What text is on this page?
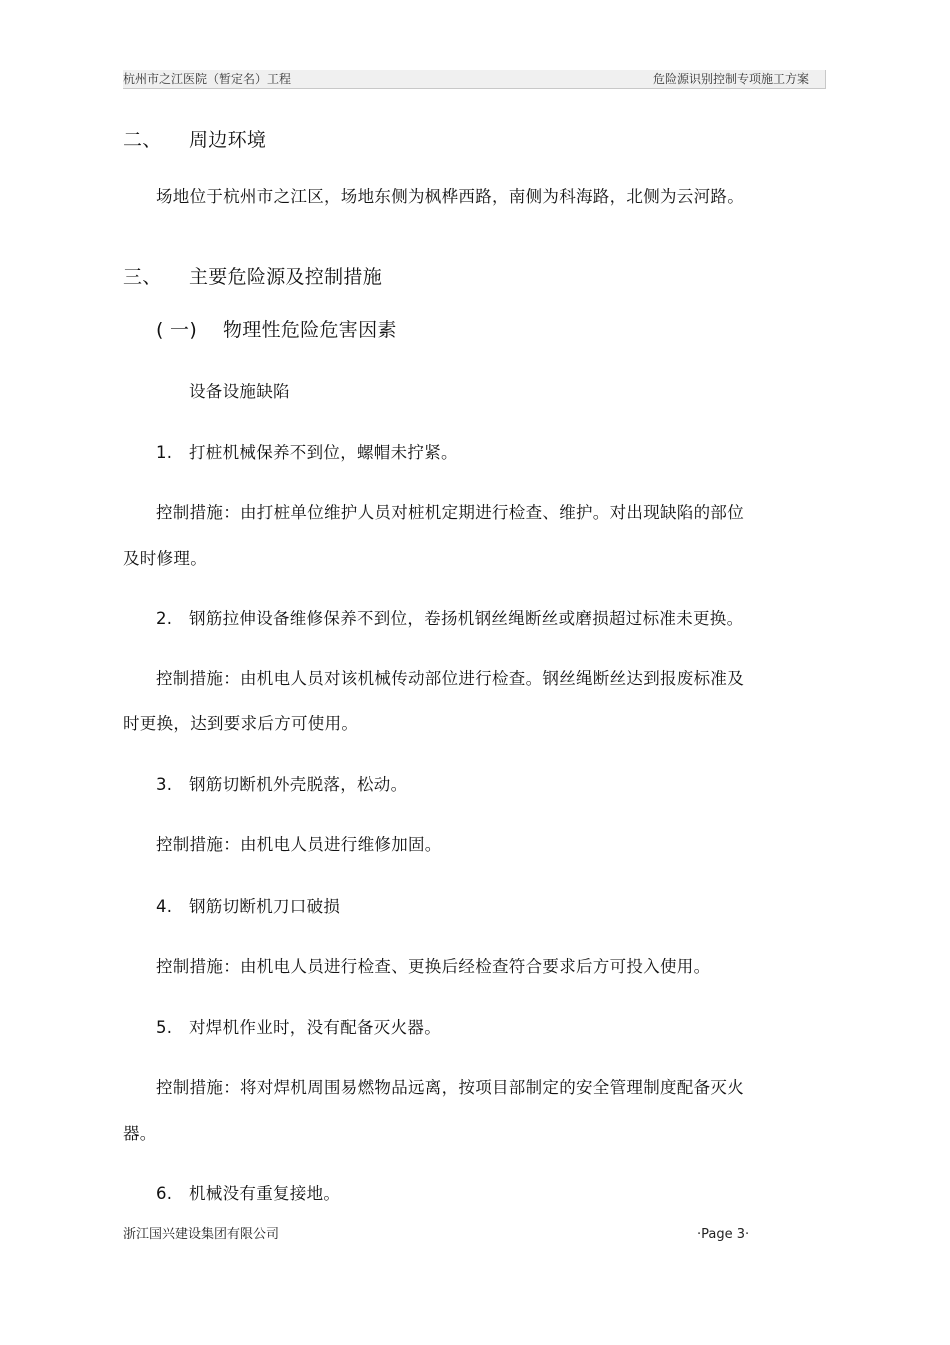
杭州市之江医院（暂定名）工程	危险源识别控制专项施工方案
二、 周边环境
场地位于杭州市之江区，场地东侧为枫桦西路，南侧为科海路，北侧为云河路。
三、 主要危险源及控制措施
( 一) 物理性危险危害因素
设备设施缺陷
1. 打桩机械保养不到位，螺帽未拧紧。
控制措施：由打桩单位维护人员对桩机定期进行检查、维护。对出现缺陷的部位
及时修理。
2. 钢筋拉伸设备维修保养不到位，卷扬机钢丝绳断丝或磨损超过标准未更换。
控制措施：由机电人员对该机械传动部位进行检查。钢丝绳断丝达到报废标准及
时更换，达到要求后方可使用。
3. 钢筋切断机外壳脱落，松动。
控制措施：由机电人员进行维修加固。
4. 钢筋切断机刀口破损
控制措施：由机电人员进行检查、更换后经检查符合要求后方可投入使用。
5. 对焊机作业时，没有配备灭火器。
控制措施：将对焊机周围易燃物品远离，按项目部制定的安全管理制度配备灭火
器。
6. 机械没有重复接地。
浙江国兴建设集团有限公司	·Page 3·
